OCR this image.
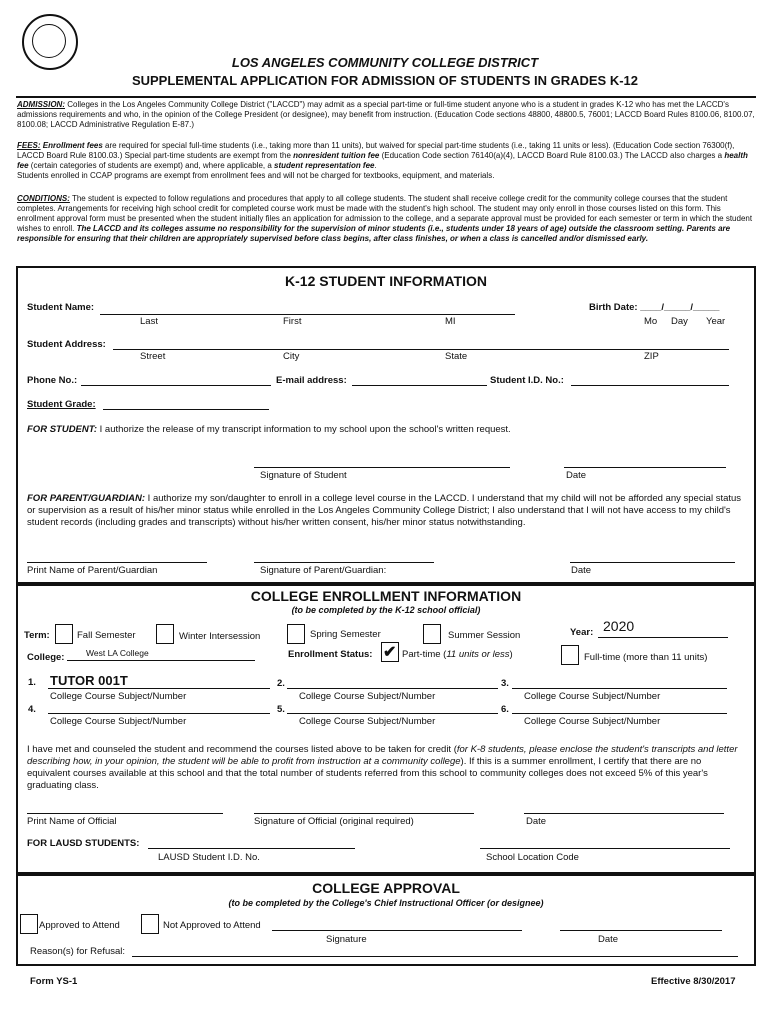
LOS ANGELES COMMUNITY COLLEGE DISTRICT
SUPPLEMENTAL APPLICATION FOR ADMISSION OF STUDENTS IN GRADES K-12
ADMISSION: Colleges in the Los Angeles Community College District ("LACCD") may admit as a special part-time or full-time student anyone who is a student in grades K-12 who has met the LACCD's admissions requirements and who, in the opinion of the College President (or designee), may benefit from instruction. (Education Code sections 48800, 48800.5, 76001; LACCD Board Rules 8100.06, 8100.07, 8100.08; LACCD Administrative Regulation E-87.)
FEES: Enrollment fees are required for special full-time students (i.e., taking more than 11 units), but waived for special part-time students (i.e., taking 11 units or less). (Education Code section 76300(f), LACCD Board Rule 8100.03.) Special part-time students are exempt from the nonresident tuition fee (Education Code section 76140(a)(4), LACCD Board Rule 8100.03.) The LACCD also charges a health fee (certain categories of students are exempt) and, where applicable, a student representation fee.
Students enrolled in CCAP programs are exempt from enrollment fees and will not be charged for textbooks, equipment, and materials.
CONDITIONS: The student is expected to follow regulations and procedures that apply to all college students. The student shall receive college credit for the community college courses that the student completes. Arrangements for receiving high school credit for completed course work must be made with the student's high school. The student may only enroll in those courses listed on this form. This enrollment approval form must be presented when the student initially files an application for admission to the college, and a separate approval must be provided for each semester or term in which the student wishes to enroll. The LACCD and its colleges assume no responsibility for the supervision of minor students (i.e., students under 18 years of age) outside the classroom setting. Parents are responsible for ensuring that their children are appropriately supervised before class begins, after class finishes, or when a class is cancelled and/or dismissed early.
K-12 STUDENT INFORMATION
Student Name:	Birth Date: ____/_____/_____
Last	First	MI	Mo Day Year
Student Address:
Street	City	State	ZIP
Phone No.:	E-mail address:	Student I.D. No.:
Student Grade:
FOR STUDENT: I authorize the release of my transcript information to my school upon the school's written request.
Signature of Student	Date
FOR PARENT/GUARDIAN: I authorize my son/daughter to enroll in a college level course in the LACCD. I understand that my child will not be afforded any special status or supervision as a result of his/her minor status while enrolled in the Los Angeles Community College District; I also understand that I will not have access to my child's student records (including grades and transcripts) without his/her written consent, his/her minor status notwithstanding.
Print Name of Parent/Guardian	Signature of Parent/Guardian:	Date
COLLEGE ENROLLMENT INFORMATION
(to be completed by the K-12 school official)
Term:	Fall Semester	Winter Intersession	Spring Semester	Summer Session	Year: 2020
College:	West LA College	Enrollment Status: ✔ Part-time (11 units or less)	Full-time (more than 11 units)
1. TUTOR 001T	2.	3.
College Course Subject/Number	College Course Subject/Number	College Course Subject/Number
4.	5.	6.
College Course Subject/Number	College Course Subject/Number	College Course Subject/Number
I have met and counseled the student and recommend the courses listed above to be taken for credit (for K-8 students, please enclose the student's transcripts and letter describing how, in your opinion, the student will be able to profit from instruction at a community college). If this is a summer enrollment, I certify that there are no equivalent courses available at this school and that the total number of students referred from this school to community colleges does not exceed 5% of this year's graduating class.
Print Name of Official	Signature of Official (original required)	Date
FOR LAUSD STUDENTS:
LAUSD Student I.D. No.	School Location Code
COLLEGE APPROVAL
(to be completed by the College's Chief Instructional Officer (or designee)
Approved to Attend	Not Approved to Attend
Signature	Date
Reason(s) for Refusal:
Form YS-1	Effective 8/30/2017
